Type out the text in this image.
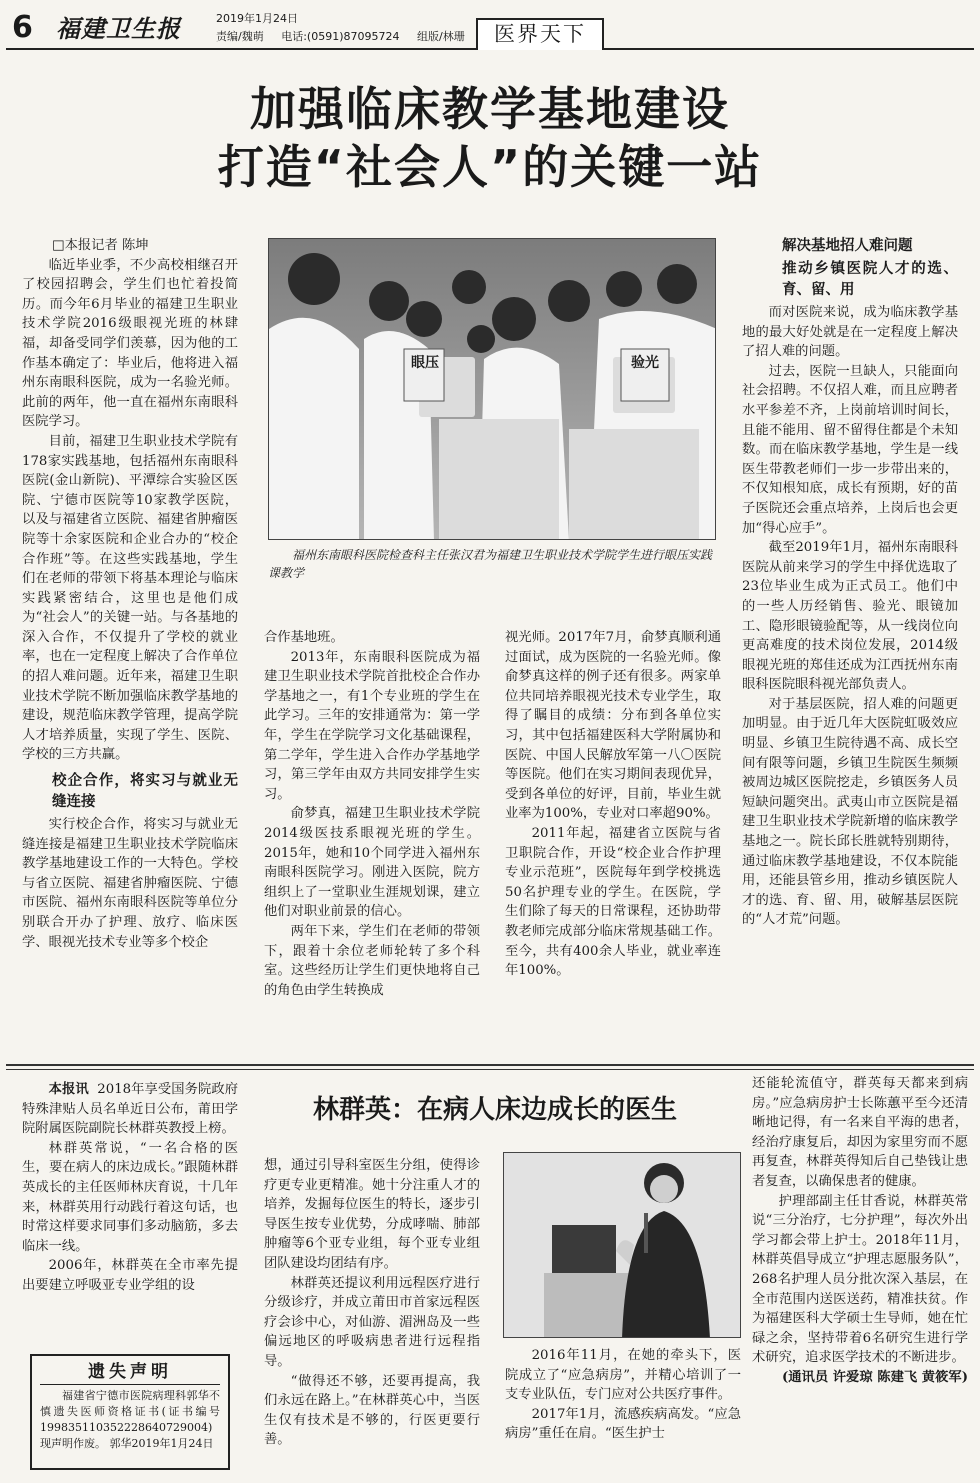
6 福建卫生报	2019年1月24日
责编/魏萌 电话:(0591)87095724 组版/林珊	医界天下
加强临床教学基地建设
打造“社会人”的关键一站
□本报记者 陈坤

临近毕业季，不少高校相继召开了校园招聘会，学生们也忙着投简历。而今年6月毕业的福建卫生职业技术学院2016级眼视光班的林肆福，却备受同学们羡慕，因为他的工作基本确定了：毕业后，他将进入福州东南眼科医院，成为一名验光师。此前的两年，他一直在福州东南眼科医院学习。

目前，福建卫生职业技术学院有178家实践基地，包括福州东南眼科医院(金山新院)、平潭综合实验区医院、宁德市医院等10家教学医院，以及与福建省立医院、福建省肿瘤医院等十余家医院和企业合办的“校企合作班”等。在这些实践基地，学生们在老师的带领下将基本理论与临床实践紧密结合，这里也是他们成为“社会人”的关键一站。与各基地的深入合作，不仅提升了学校的就业率，也在一定程度上解决了合作单位的招人难问题。近年来，福建卫生职业技术学院不断加强临床教学基地的建设，规范临床教学管理，提高学院人才培养质量，实现了学生、医院、学校的三方共赢。

校企合作，将实习与就业无缝连接

实行校企合作，将实习与就业无缝连接是福建卫生职业技术学院临床教学基地建设工作的一大特色。学校与省立医院、福建省肿瘤医院、宁德市医院、福州东南眼科医院等单位分别联合开办了护理、放疗、临床医学、眼视光技术专业等多个校企

眼压	验光
福州东南眼科医院检查科主任张汉君为福建卫生职业技术学院学生进行眼压实践课教学

合作基地班。

2013年，东南眼科医院成为福建卫生职业技术学院首批校企合作办学基地之一，有1个专业班的学生在此学习。三年的安排通常为：第一学年，学生在学院学习文化基础课程，第二学年，学生进入合作办学基地学习，第三学年由双方共同安排学生实习。

俞梦真，福建卫生职业技术学院2014级医技系眼视光班的学生。2015年，她和10个同学进入福州东南眼科医院学习。刚进入医院，院方组织上了一堂职业生涯规划课，建立他们对职业前景的信心。

两年下来，学生们在老师的带领下，跟着十余位老师轮转了多个科室。这些经历让学生们更快地将自己的角色由学生转换成

视光师。2017年7月，俞梦真顺利通过面试，成为医院的一名验光师。像俞梦真这样的例子还有很多。两家单位共同培养眼视光技术专业学生，取得了瞩目的成绩：分布到各单位实习，其中包括福建医科大学附属协和医院、中国人民解放军第一八〇医院等医院。他们在实习期间表现优异，受到各单位的好评，目前，毕业生就业率为100%，专业对口率超90%。

2011年起，福建省立医院与省卫职院合作，开设“校企业合作护理专业示范班”，医院每年到学校挑选50名护理专业的学生。在医院，学生们除了每天的日常课程，还协助带教老师完成部分临床常规基础工作。至今，共有400余人毕业，就业率连年100%。

解决基地招人难问题
推动乡镇医院人才的选、育、留、用

而对医院来说，成为临床教学基地的最大好处就是在一定程度上解决了招人难的问题。

过去，医院一旦缺人，只能面向社会招聘。不仅招人难，而且应聘者水平参差不齐，上岗前培训时间长，且能不能用、留不留得住都是个未知数。而在临床教学基地，学生是一线医生带教老师们一步一步带出来的，不仅知根知底，成长有预期，好的苗子医院还会重点培养，上岗后也会更加“得心应手”。

截至2019年1月，福州东南眼科医院从前来学习的学生中择优选取了23位毕业生成为正式员工。他们中的一些人历经销售、验光、眼镜加工、隐形眼镜验配等，从一线岗位向更高难度的技术岗位发展，2014级眼视光班的郑佳还成为江西抚州东南眼科医院眼科视光部负责人。

对于基层医院，招人难的问题更加明显。由于近几年大医院虹吸效应明显、乡镇卫生院待遇不高、成长空间有限等问题，乡镇卫生院医生频频被周边城区医院挖走，乡镇医务人员短缺问题突出。武夷山市立医院是福建卫生职业技术学院新增的临床教学基地之一。院长邱长胜就特别期待，通过临床教学基地建设，不仅本院能用，还能县管乡用，推动乡镇医院人才的选、育、留、用，破解基层医院的“人才荒”问题。

林群英：在病人床边成长的医生

本报讯 2018年享受国务院政府特殊津贴人员名单近日公布，莆田学院附属医院副院长林群英教授上榜。

林群英常说，“一名合格的医生，要在病人的床边成长。”跟随林群英成长的主任医师林庆育说，十几年来，林群英用行动践行着这句话，也时常这样要求同事们多动脑筋，多去临床一线。

2006年，林群英在全市率先提出要建立呼吸亚专业学组的设

想，通过引导科室医生分组，使得诊疗更专业更精准。她十分注重人才的培养，发掘每位医生的特长，逐步引导医生按专业优势，分成哮喘、肺部肿瘤等6个亚专业组，每个亚专业组团队建设均团结有序。

林群英还提议利用远程医疗进行分级诊疗，并成立莆田市首家远程医疗会诊中心，对仙游、湄洲岛及一些偏远地区的呼吸病患者进行远程指导。

“做得还不够，还要再提高，我们永远在路上。”在林群英心中，当医生仅有技术是不够的，行医更要行善。

2016年11月，在她的牵头下，医院成立了“应急病房”，并精心培训了一支专业队伍，专门应对公共医疗事件。

2017年1月，流感疾病高发。“应急病房”重任在肩。“医生护士

还能轮流值守，群英每天都来到病房。”应急病房护士长陈蕙平至今还清晰地记得，有一名来自平海的患者，经治疗康复后，却因为家里穷而不愿再复查，林群英得知后自己垫钱让患者复查，以确保患者的健康。

护理部副主任甘香说，林群英常说“三分治疗，七分护理”，每次外出学习都会带上护士。2018年11月，林群英倡导成立“护理志愿服务队”，268名护理人员分批次深入基层，在全市范围内送医送药，精准扶贫。作为福建医科大学硕士生导师，她在忙碌之余，坚持带着6名研究生进行学术研究，追求医学技术的不断进步。

(通讯员 许爱琼 陈建飞 黄筱军)

遗失声明
福建省宁德市医院病理科郭华不慎遗失医师资格证书(证书编号199835110352228640729004)现声明作废。 郭华2019年1月24日
